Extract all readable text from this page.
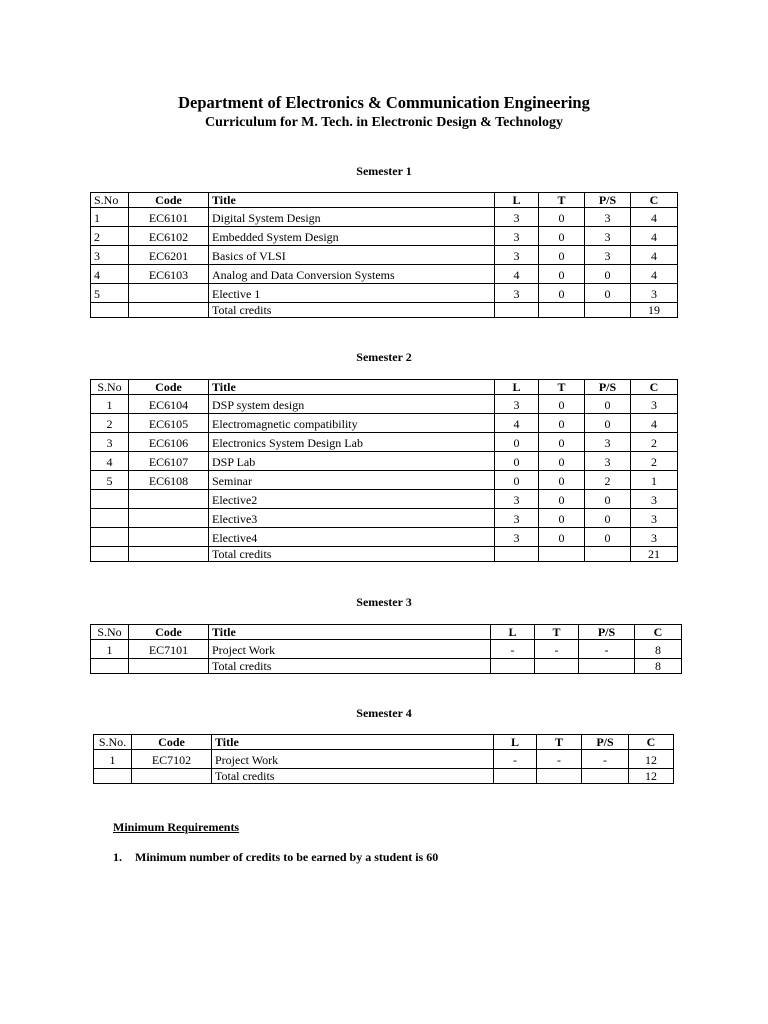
Department of Electronics & Communication Engineering
Curriculum for M. Tech. in Electronic Design & Technology
Semester 1
S.No	Code	Title	L	T	P/S	C
1	EC6101	Digital System Design	3	0	3	4
2	EC6102	Embedded System Design	3	0	3	4
3	EC6201	Basics of VLSI	3	0	3	4
4	EC6103	Analog and Data Conversion Systems	4	0	0	4
5		Elective 1	3	0	0	3
		Total credits				19
Semester 2
S.No	Code	Title	L	T	P/S	C
1	EC6104	DSP system design	3	0	0	3
2	EC6105	Electromagnetic compatibility	4	0	0	4
3	EC6106	Electronics System Design Lab	0	0	3	2
4	EC6107	DSP Lab	0	0	3	2
5	EC6108	Seminar	0	0	2	1
		Elective2	3	0	0	3
		Elective3	3	0	0	3
		Elective4	3	0	0	3
		Total credits				21
Semester 3
S.No	Code	Title	L	T	P/S	C
1	EC7101	Project Work	-	-	-	8
		Total credits				8
Semester 4
S.No.	Code	Title	L	T	P/S	C
1	EC7102	Project Work	-	-	-	12
		Total credits				12
Minimum Requirements
1. Minimum number of credits to be earned by a student is 60
